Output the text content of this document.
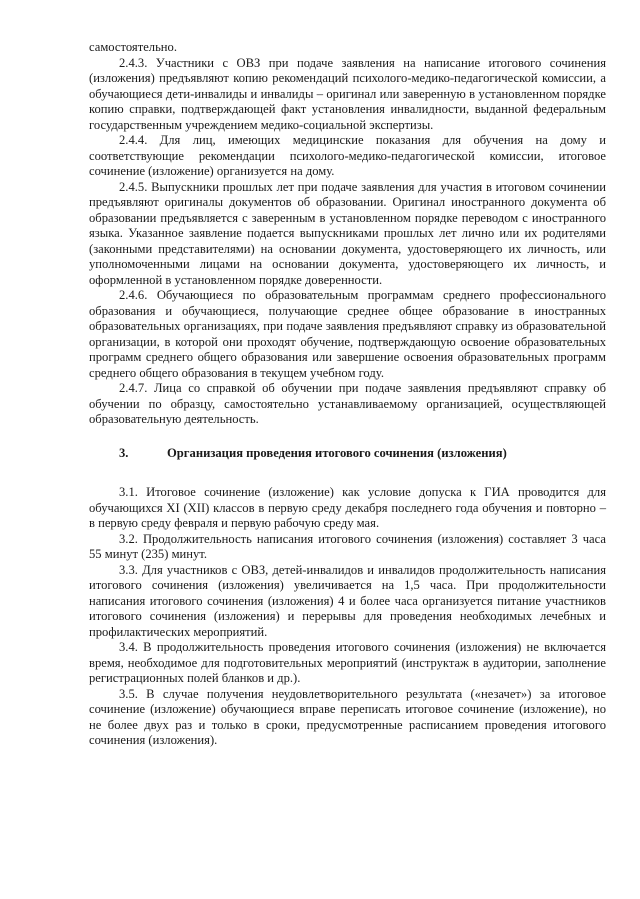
самостоятельно.

2.4.3. Участники с ОВЗ при подаче заявления на написание итогового сочинения (изложения) предъявляют копию рекомендаций психолого-медико-педагогической комиссии, а обучающиеся дети-инвалиды и инвалиды – оригинал или заверенную в установленном порядке копию справки, подтверждающей факт установления инвалидности, выданной федеральным государственным учреждением медико-социальной экспертизы.

2.4.4. Для лиц, имеющих медицинские показания для обучения на дому и соответствующие рекомендации психолого-медико-педагогической комиссии, итоговое сочинение (изложение) организуется на дому.

2.4.5. Выпускники прошлых лет при подаче заявления для участия в итоговом сочинении предъявляют оригиналы документов об образовании. Оригинал иностранного документа об образовании предъявляется с заверенным в установленном порядке переводом с иностранного языка. Указанное заявление подается выпускниками прошлых лет лично или их родителями (законными представителями) на основании документа, удостоверяющего их личность, или уполномоченными лицами на основании документа, удостоверяющего их личность, и оформленной в установленном порядке доверенности.

2.4.6. Обучающиеся по образовательным программам среднего профессионального образования и обучающиеся, получающие среднее общее образование в иностранных образовательных организациях, при подаче заявления предъявляют справку из образовательной организации, в которой они проходят обучение, подтверждающую освоение образовательных программ среднего общего образования или завершение освоения образовательных программ среднего общего образования в текущем учебном году.

2.4.7. Лица со справкой об обучении при подаче заявления предъявляют справку об обучении по образцу, самостоятельно устанавливаемому организацией, осуществляющей образовательную деятельность.

3.	Организация проведения итогового сочинения (изложения)

3.1. Итоговое сочинение (изложение) как условие допуска к ГИА проводится для обучающихся XI (XII) классов в первую среду декабря последнего года обучения и повторно – в первую среду февраля и первую рабочую среду мая.

3.2. Продолжительность написания итогового сочинения (изложения) составляет 3 часа 55 минут (235) минут.

3.3. Для участников с ОВЗ, детей-инвалидов и инвалидов продолжительность написания итогового сочинения (изложения) увеличивается на 1,5 часа. При продолжительности написания итогового сочинения (изложения) 4 и более часа организуется питание участников итогового сочинения (изложения) и перерывы для проведения необходимых лечебных и профилактических мероприятий.

3.4. В продолжительность проведения итогового сочинения (изложения) не включается время, необходимое для подготовительных мероприятий (инструктаж в аудитории, заполнение регистрационных полей бланков и др.).

3.5. В случае получения неудовлетворительного результата («незачет») за итоговое сочинение (изложение) обучающиеся вправе переписать итоговое сочинение (изложение), но не более двух раз и только в сроки, предусмотренные расписанием проведения итогового сочинения (изложения).
